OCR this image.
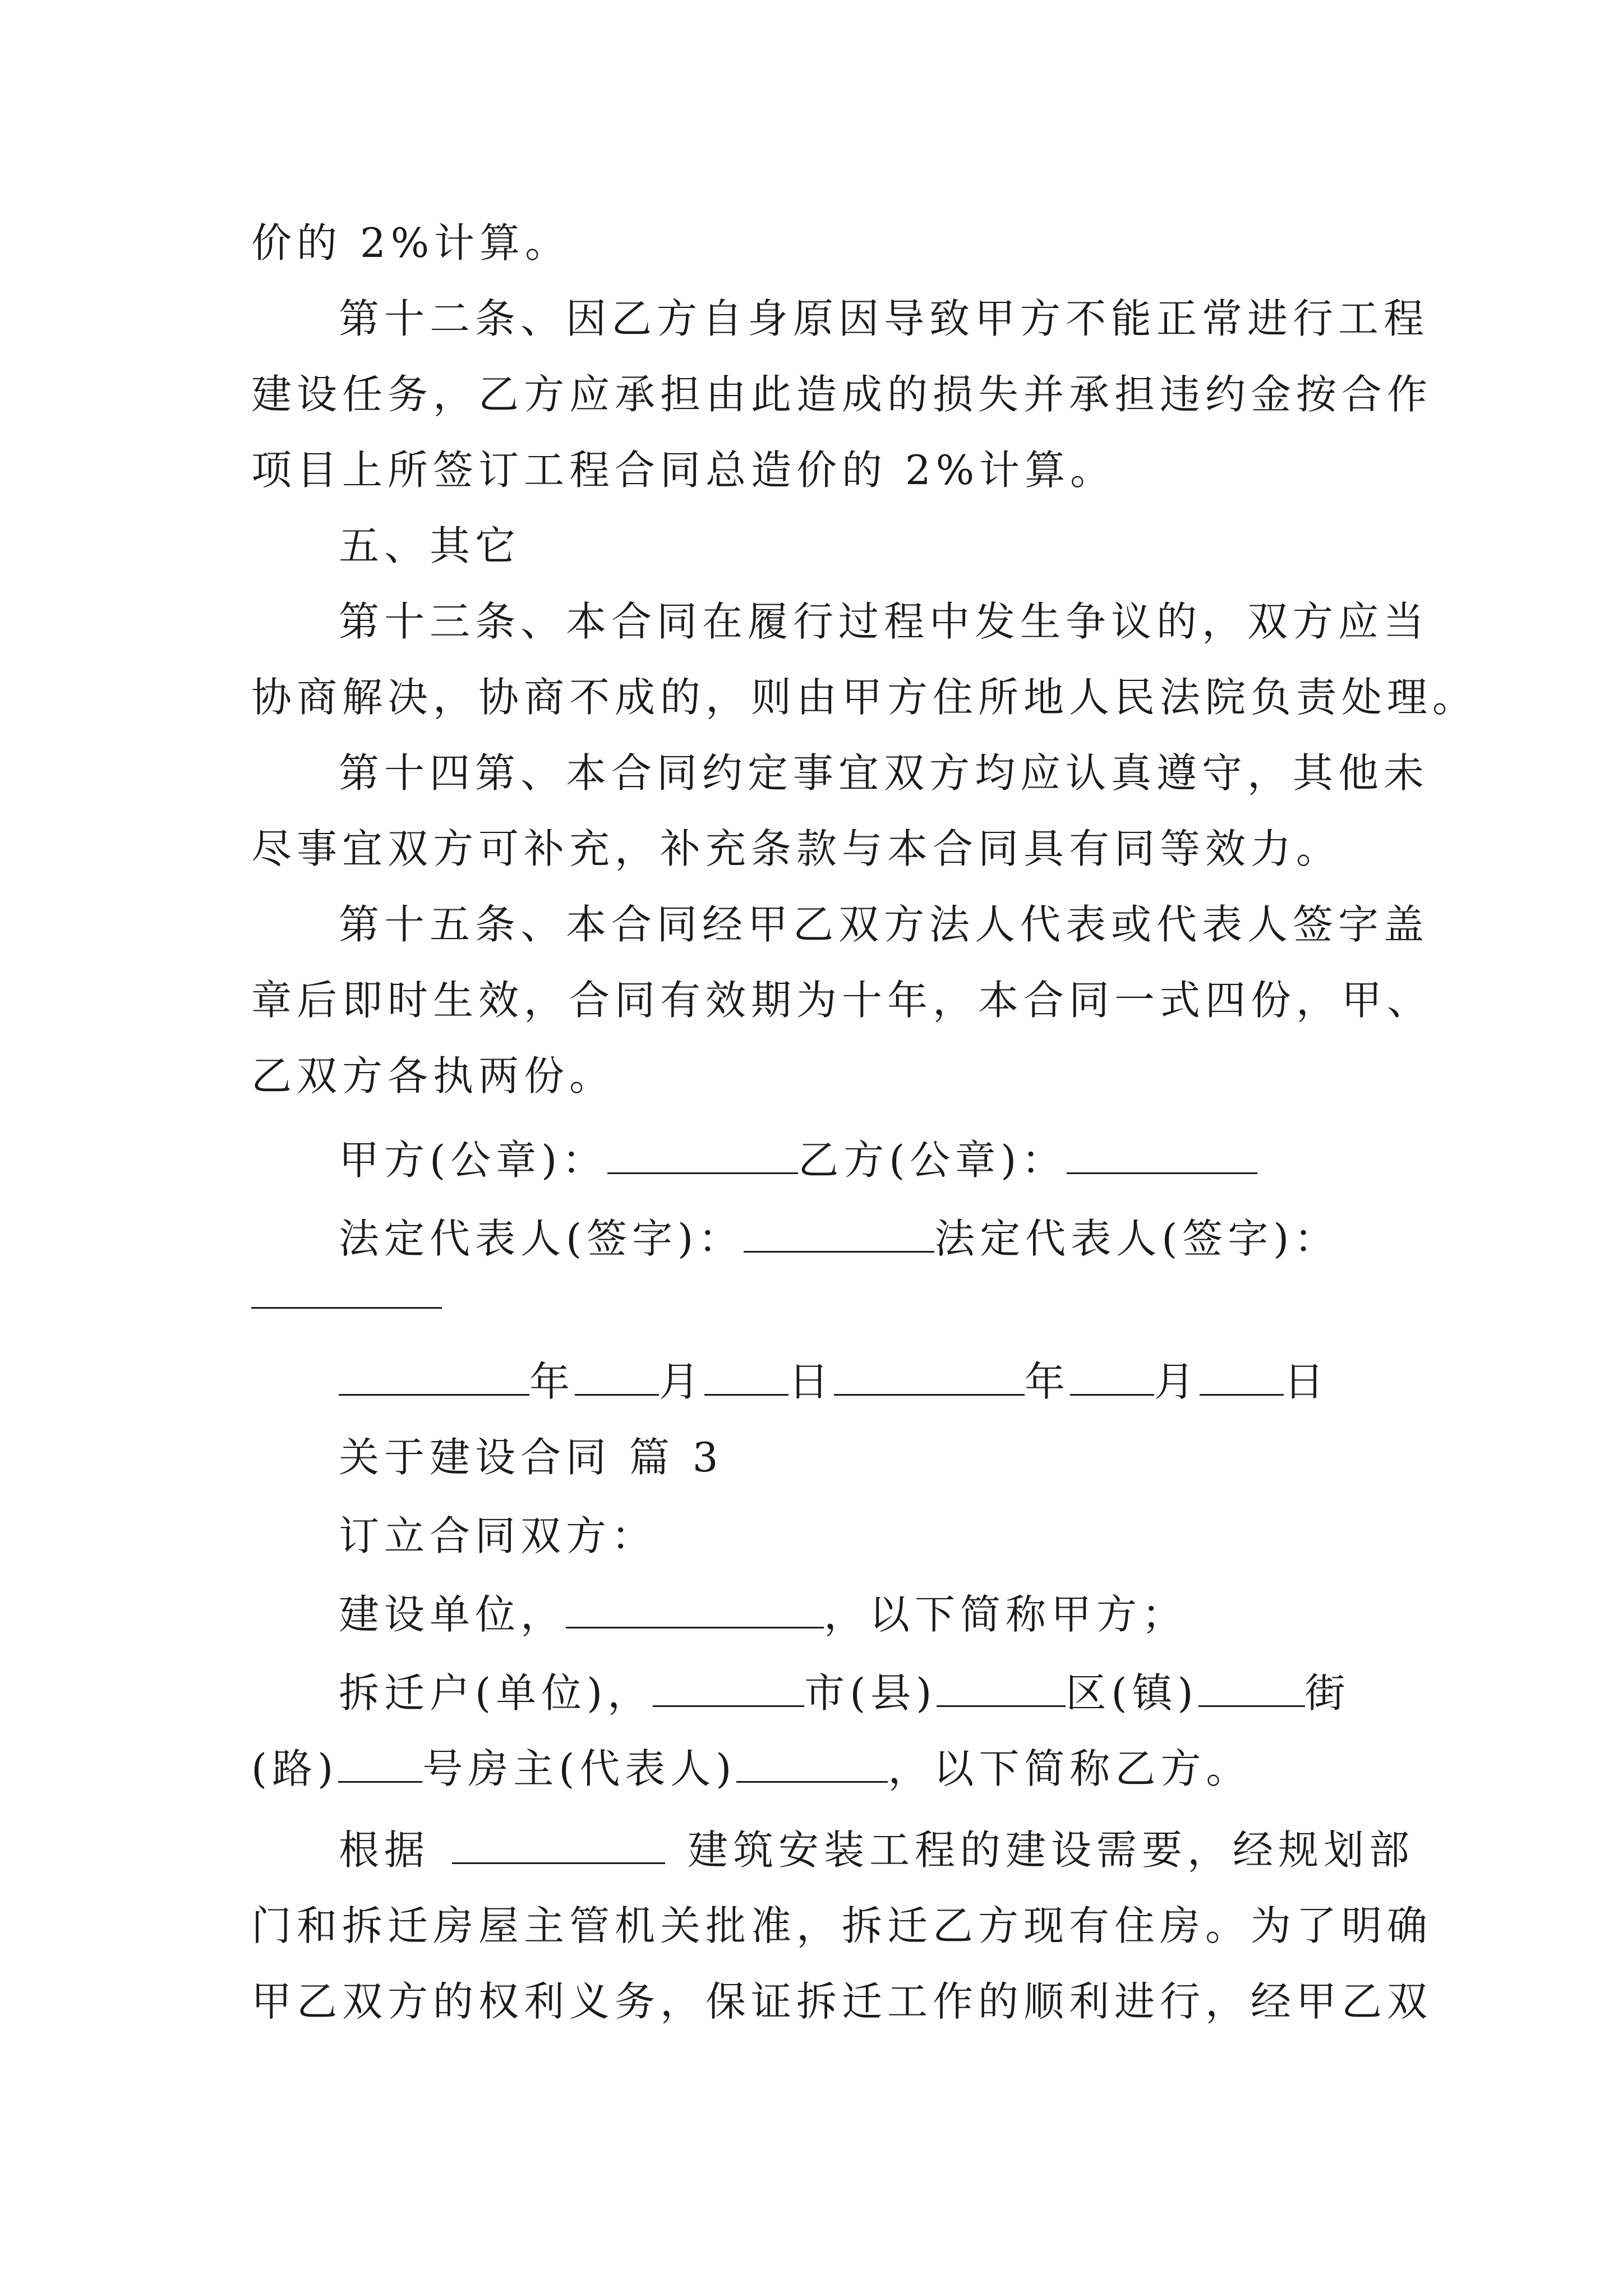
价的 2%计算。
第十二条、因乙方自身原因导致甲方不能正常进行工程
建设任务，乙方应承担由此造成的损失并承担违约金按合作
项目上所签订工程合同总造价的 2%计算。
五、其它
第十三条、本合同在履行过程中发生争议的，双方应当
协商解决，协商不成的，则由甲方住所地人民法院负责处理。
第十四第、本合同约定事宜双方均应认真遵守，其他未
尽事宜双方可补充，补充条款与本合同具有同等效力。
第十五条、本合同经甲乙双方法人代表或代表人签字盖
章后即时生效，合同有效期为十年，本合同一式四份，甲、
乙双方各执两份。
甲方(公章)：	乙方(公章)：
法定代表人(签字)：	法定代表人(签字)：
年 月 日	年 月 日
关于建设合同 篇 3
订立合同双方：
建设单位，	，以下简称甲方；
拆迁户(单位)，	市(县)	区(镇)	街
(路) 号房主(代表人)	，以下简称乙方。
根据	建筑安装工程的建设需要，经规划部
门和拆迁房屋主管机关批准，拆迁乙方现有住房。为了明确
甲乙双方的权利义务，保证拆迁工作的顺利进行，经甲乙双
